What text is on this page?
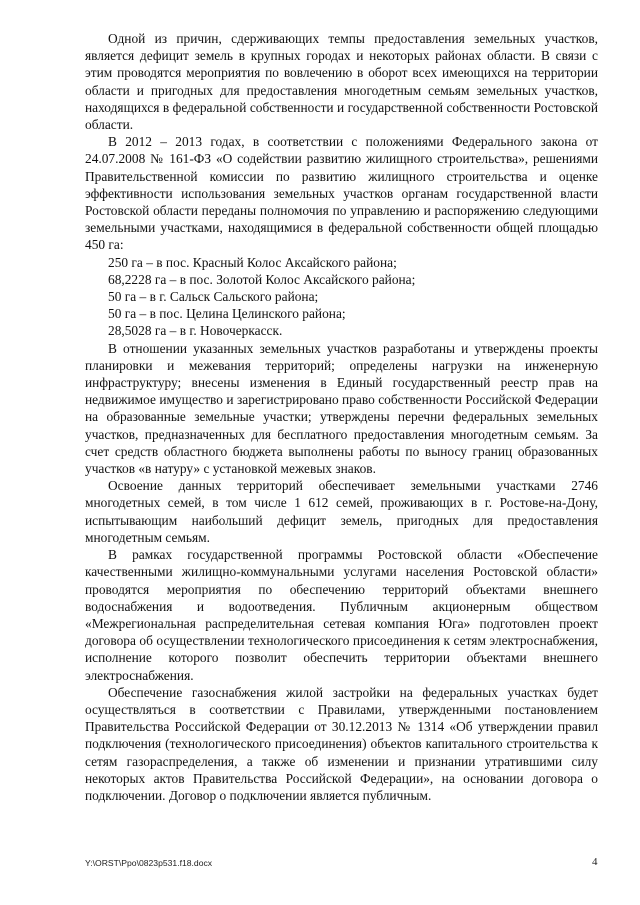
Одной из причин, сдерживающих темпы предоставления земельных участков, является дефицит земель в крупных городах и некоторых районах области. В связи с этим проводятся мероприятия по вовлечению в оборот всех имеющихся на территории области и пригодных для предоставления многодетным семьям земельных участков, находящихся в федеральной собственности и государственной собственности Ростовской области.

В 2012 – 2013 годах, в соответствии с положениями Федерального закона от 24.07.2008 № 161-ФЗ «О содействии развитию жилищного строительства», решениями Правительственной комиссии по развитию жилищного строительства и оценке эффективности использования земельных участков органам государственной власти Ростовской области переданы полномочия по управлению и распоряжению следующими земельными участками, находящимися в федеральной собственности общей площадью 450 га:

250 га – в пос. Красный Колос Аксайского района;

68,2228 га – в пос. Золотой Колос Аксайского района;

50 га – в г. Сальск Сальского района;

50 га – в пос. Целина Целинского района;

28,5028 га – в г. Новочеркасск.

В отношении указанных земельных участков разработаны и утверждены проекты планировки и межевания территорий; определены нагрузки на инженерную инфраструктуру; внесены изменения в Единый государственный реестр прав на недвижимое имущество и зарегистрировано право собственности Российской Федерации на образованные земельные участки; утверждены перечни федеральных земельных участков, предназначенных для бесплатного предоставления многодетным семьям. За счет средств областного бюджета выполнены работы по выносу границ образованных участков «в натуру» с установкой межевых знаков.

Освоение данных территорий обеспечивает земельными участками 2746 многодетных семей, в том числе 1 612 семей, проживающих в г. Ростове-на-Дону, испытывающим наибольший дефицит земель, пригодных для предоставления многодетным семьям.

В рамках государственной программы Ростовской области «Обеспечение качественными жилищно-коммунальными услугами населения Ростовской области» проводятся мероприятия по обеспечению территорий объектами внешнего водоснабжения и водоотведения. Публичным акционерным обществом «Межрегиональная распределительная сетевая компания Юга» подготовлен проект договора об осуществлении технологического присоединения к сетям электроснабжения, исполнение которого позволит обеспечить территории объектами внешнего электроснабжения.

Обеспечение газоснабжения жилой застройки на федеральных участках будет осуществляться в соответствии с Правилами, утвержденными постановлением Правительства Российской Федерации от 30.12.2013 № 1314 «Об утверждении правил подключения (технологического присоединения) объектов капитального строительства к сетям газораспределения, а также об изменении и признании утратившими силу некоторых актов Правительства Российской Федерации», на основании договора о подключении. Договор о подключении является публичным.

Y:\ORST\Ppo\0823p531.f18.docx	4
